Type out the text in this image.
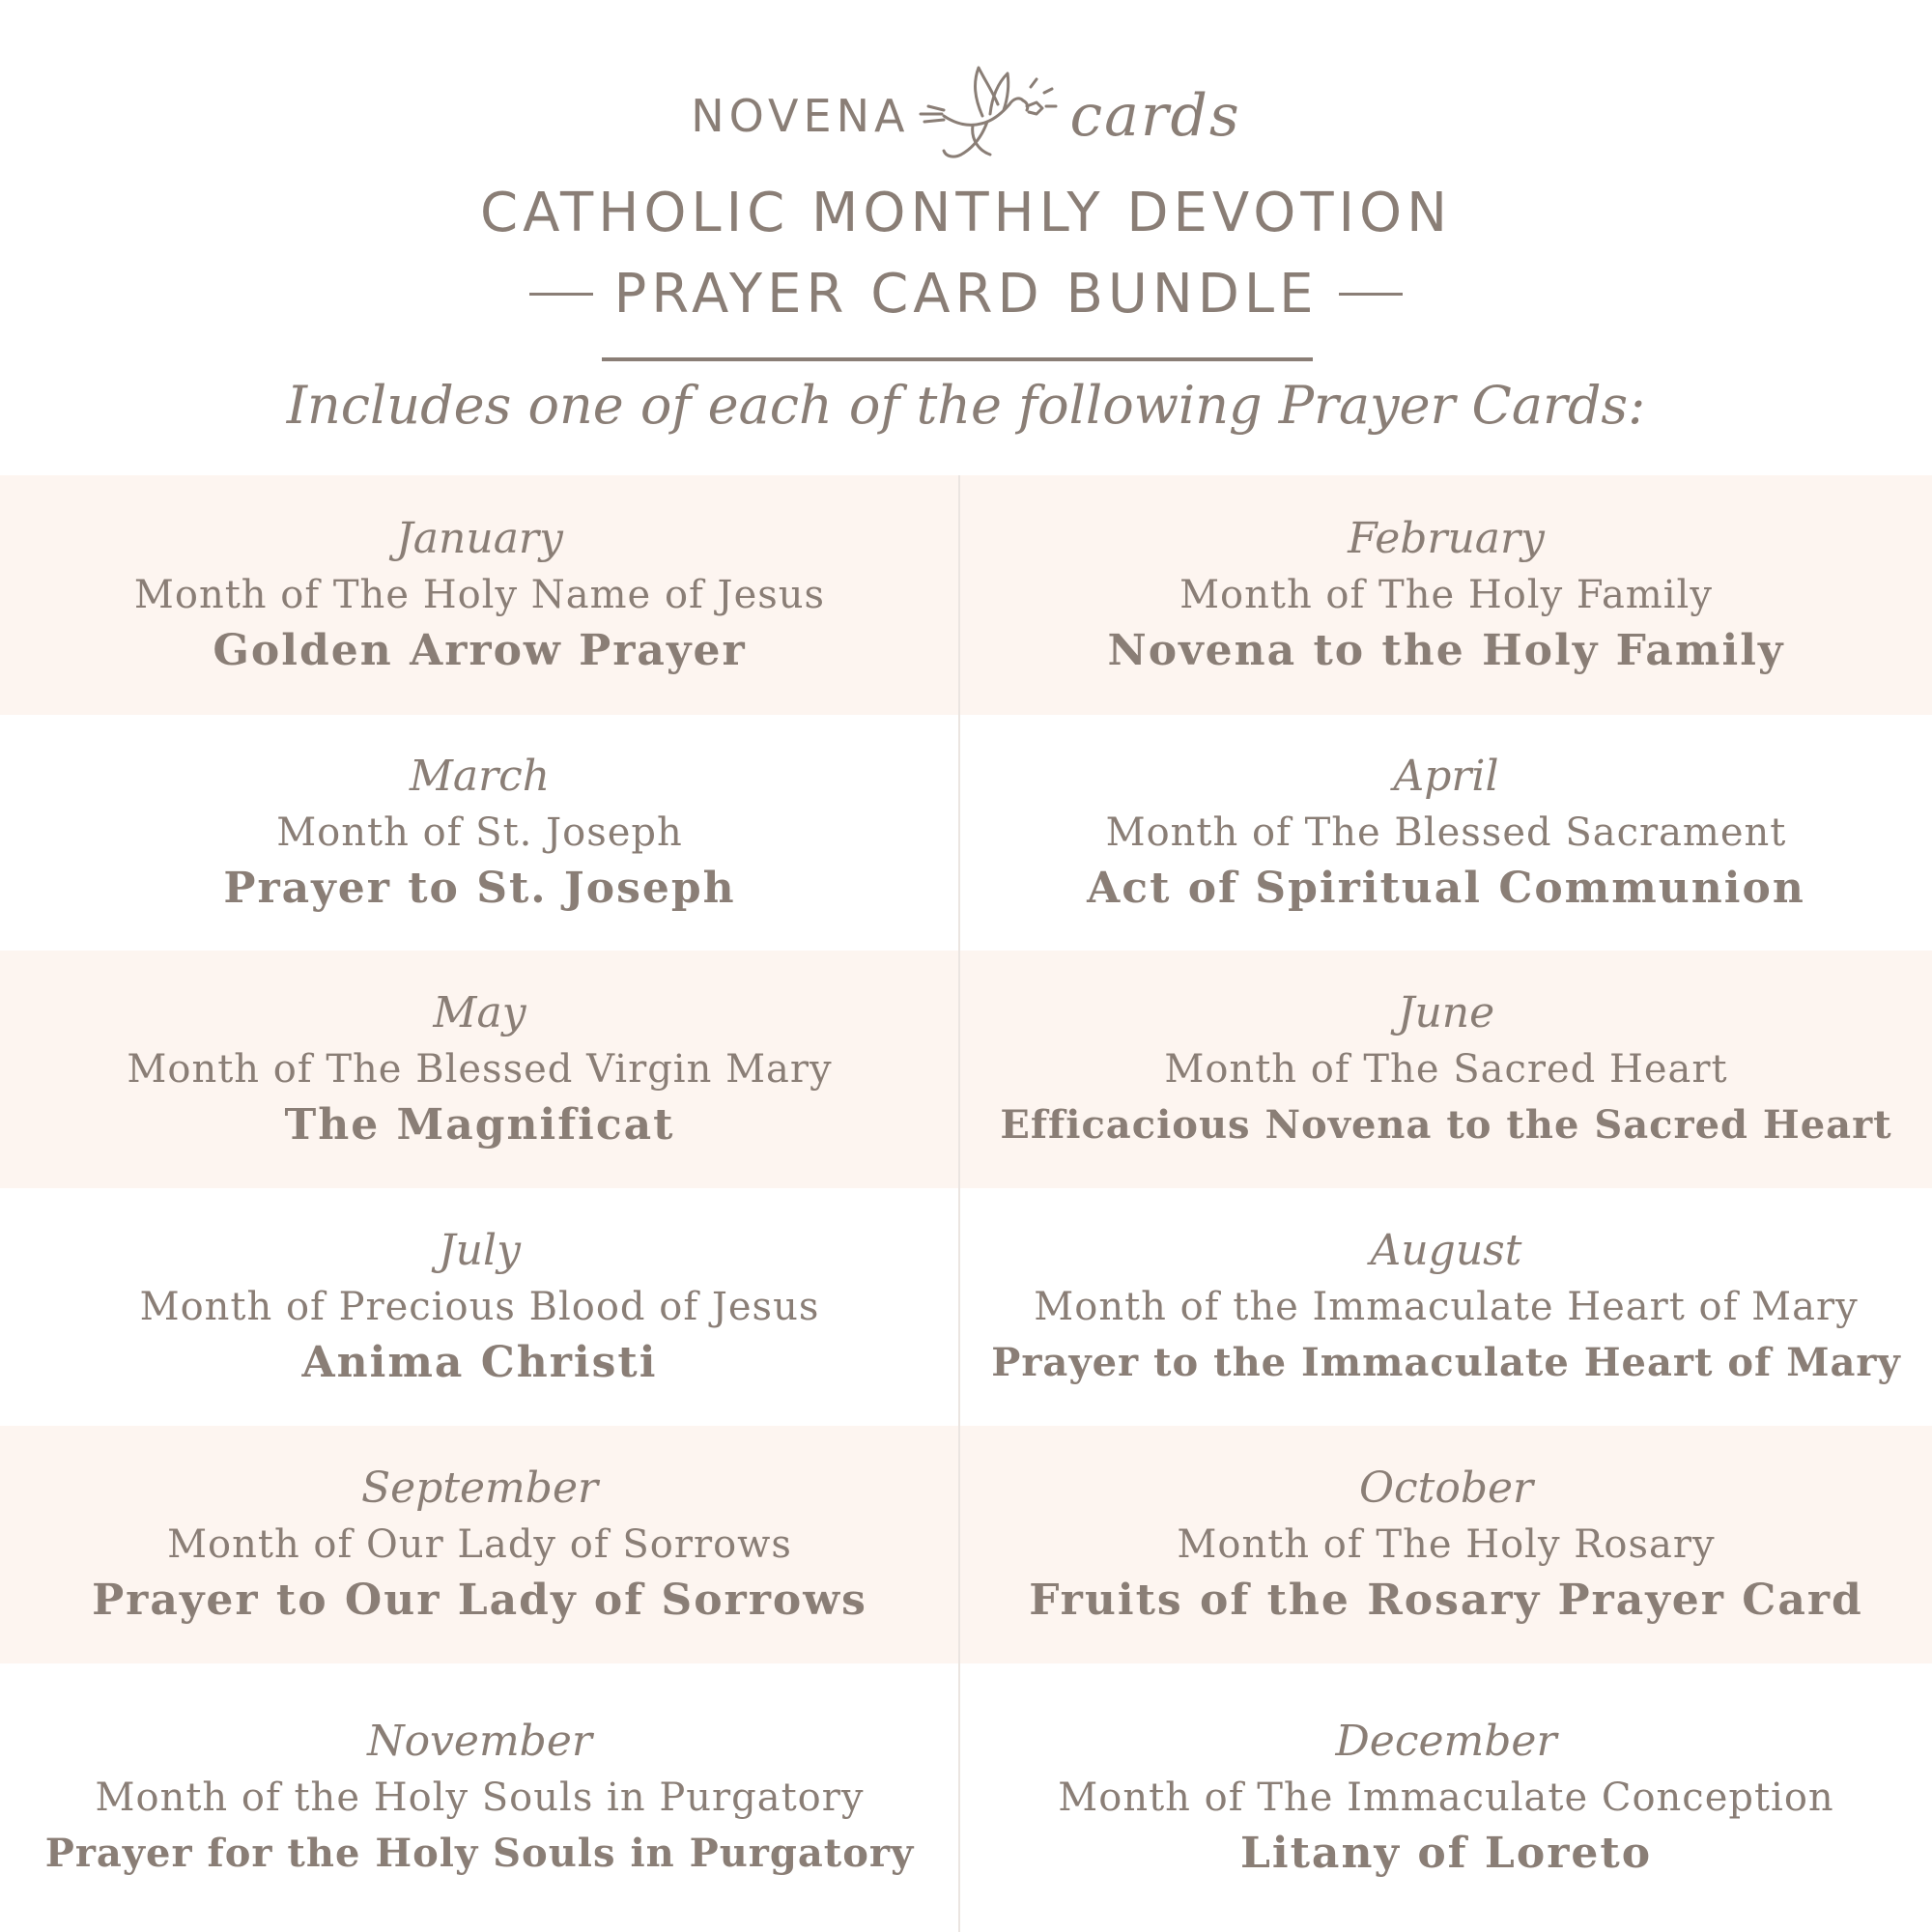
NOVENA	cards
CATHOLIC MONTHLY DEVOTION
PRAYER CARD BUNDLE
Includes one of each of the following Prayer Cards:
January
Month of The Holy Name of Jesus
Golden Arrow Prayer
February
Month of The Holy Family
Novena to the Holy Family
March
Month of St. Joseph
Prayer to St. Joseph
April
Month of The Blessed Sacrament
Act of Spiritual Communion
May
Month of The Blessed Virgin Mary
The Magnificat
June
Month of The Sacred Heart
Efficacious Novena to the Sacred Heart
July
Month of Precious Blood of Jesus
Anima Christi
August
Month of the Immaculate Heart of Mary
Prayer to the Immaculate Heart of Mary
September
Month of Our Lady of Sorrows
Prayer to Our Lady of Sorrows
October
Month of The Holy Rosary
Fruits of the Rosary Prayer Card
November
Month of the Holy Souls in Purgatory
Prayer for the Holy Souls in Purgatory
December
Month of The Immaculate Conception
Litany of Loreto
